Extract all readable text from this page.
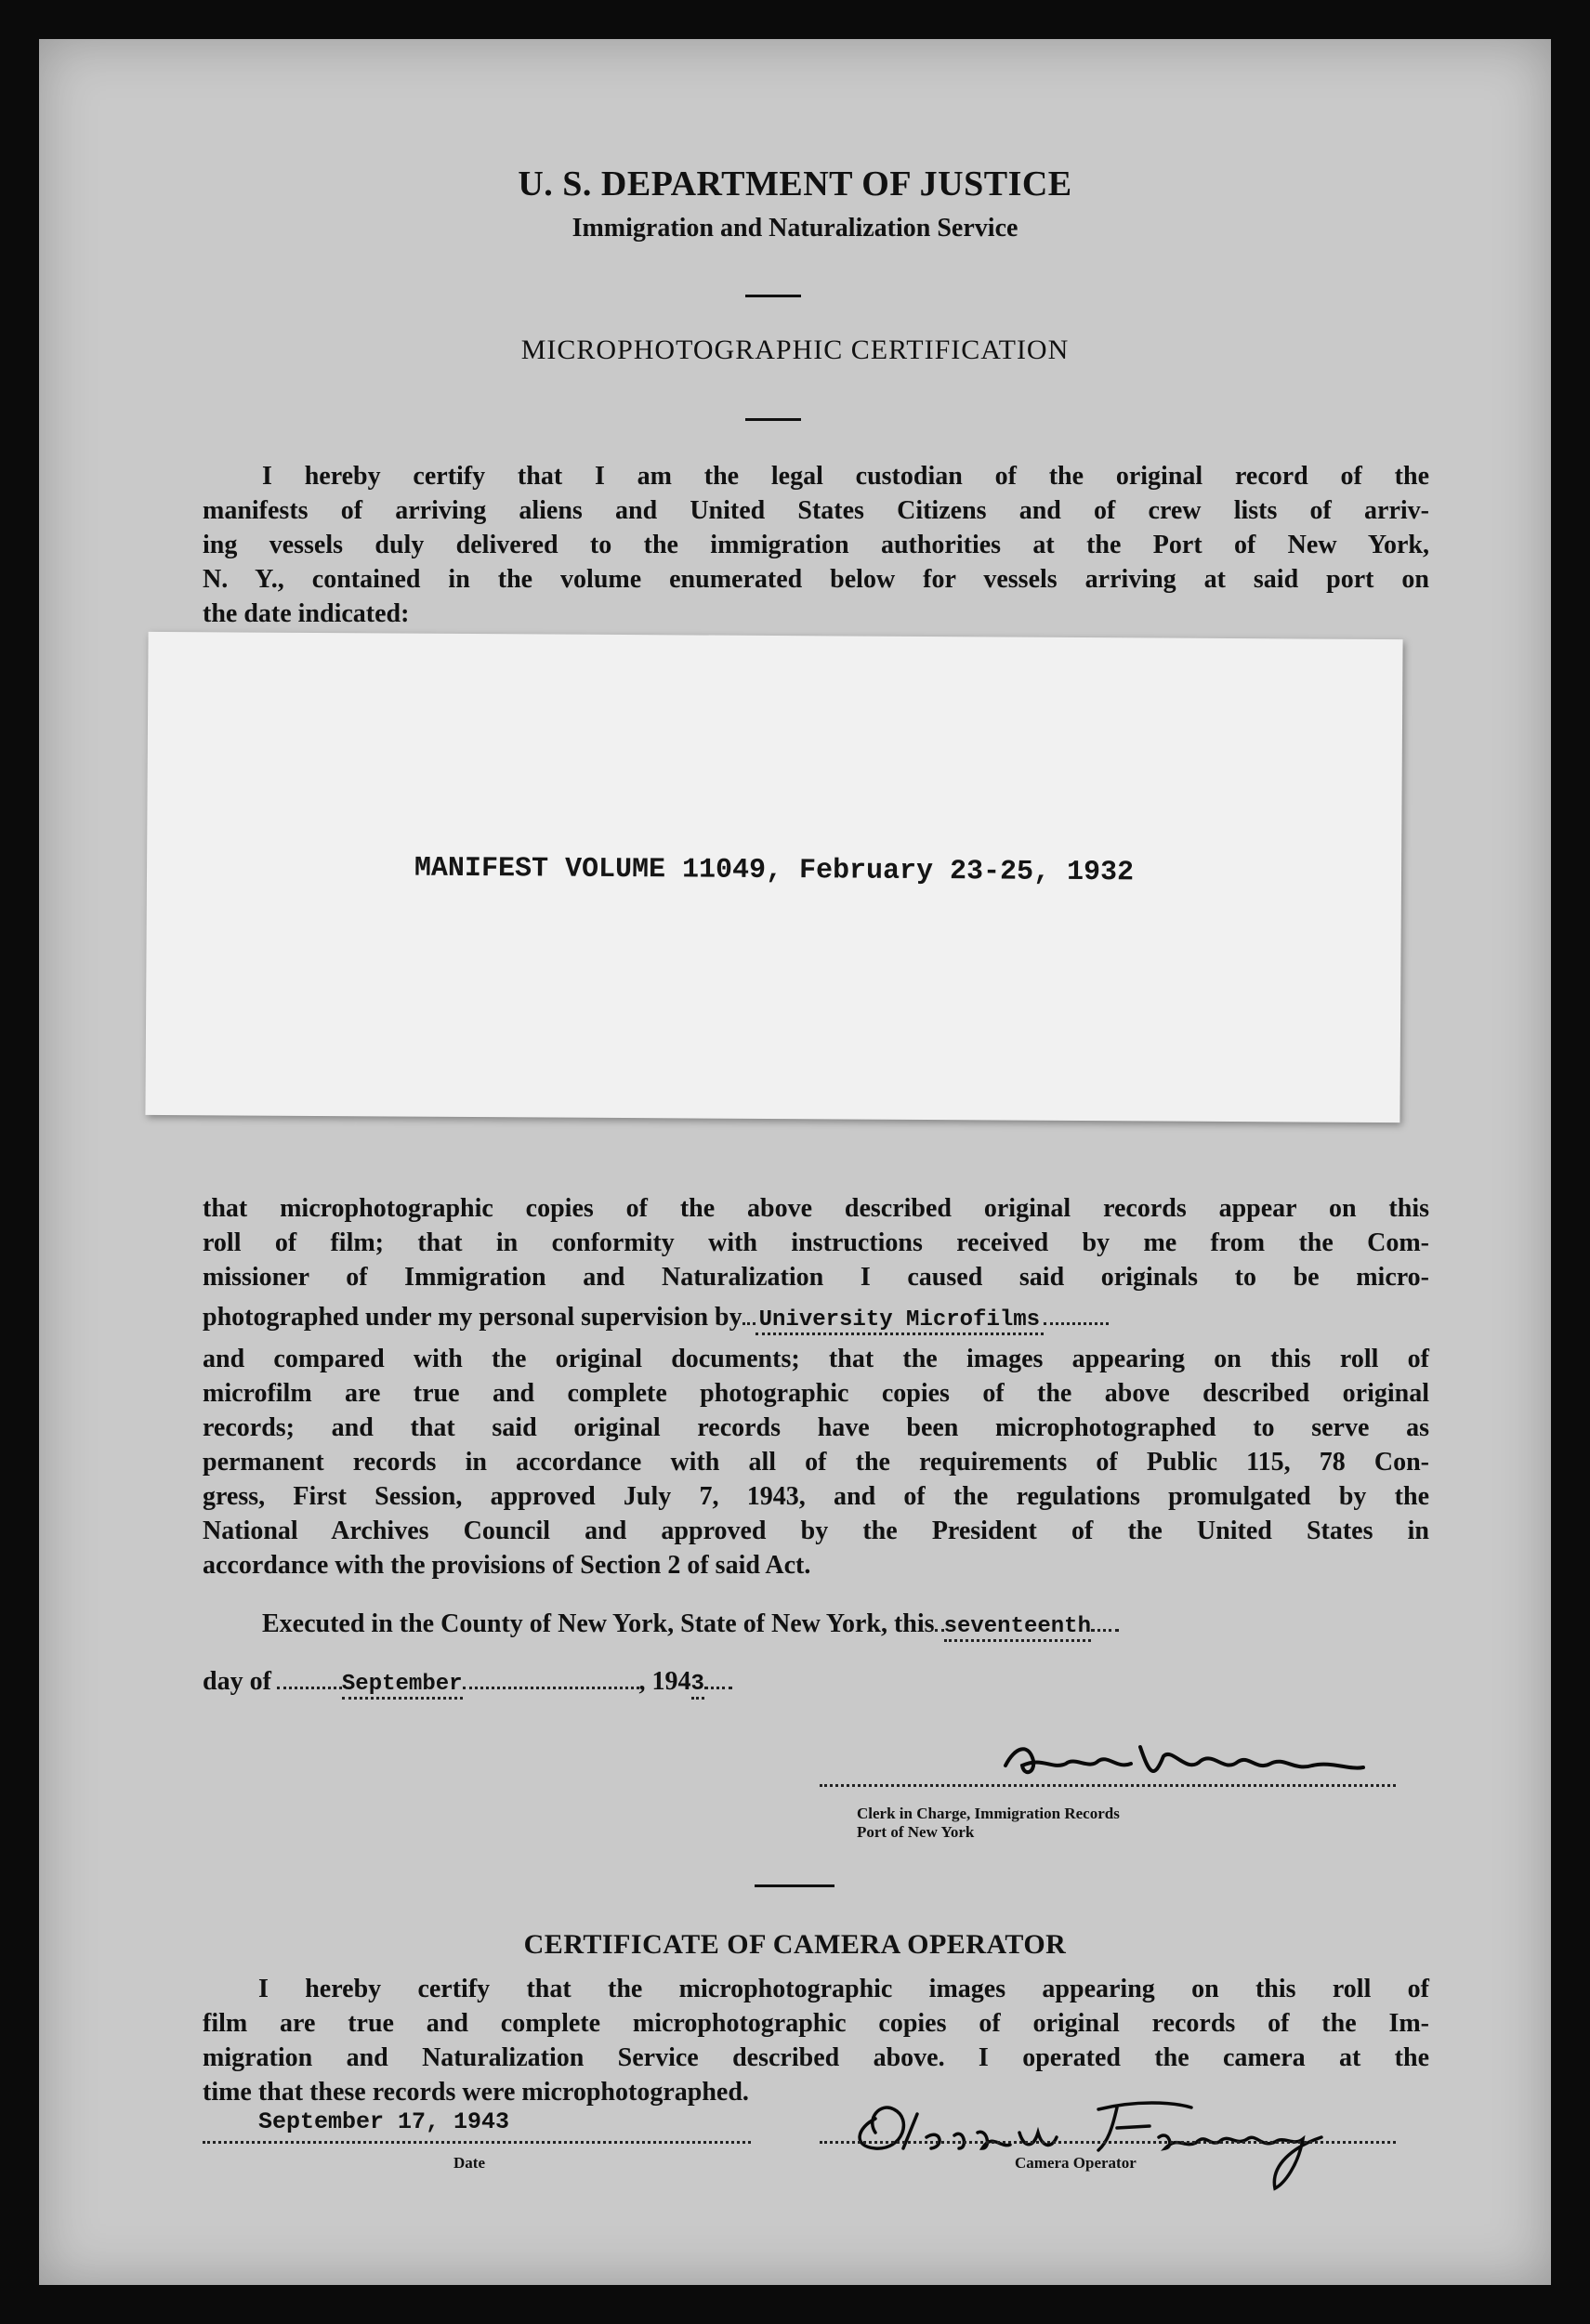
U. S. DEPARTMENT OF JUSTICE
Immigration and Naturalization Service
MICROPHOTOGRAPHIC CERTIFICATION
I hereby certify that I am the legal custodian of the original record of the
manifests of arriving aliens and United States Citizens and of crew lists of arriv-
ing vessels duly delivered to the immigration authorities at the Port of New York,
N. Y., contained in the volume enumerated below for vessels arriving at said port on
the date indicated:
MANIFEST VOLUME 11049, February 23-25, 1932
that microphotographic copies of the above described original records appear on this
roll of film; that in conformity with instructions received by me from the Com-
missioner of Immigration and Naturalization I caused said originals to be micro-
photographed under my personal supervision by University Microfilms
and compared with the original documents; that the images appearing on this roll of
microfilm are true and complete photographic copies of the above described original
records; and that said original records have been microphotographed to serve as
permanent records in accordance with all of the requirements of Public 115, 78 Con-
gress, First Session, approved July 7, 1943, and of the regulations promulgated by the
National Archives Council and approved by the President of the United States in
accordance with the provisions of Section 2 of said Act.
Executed in the County of New York, State of New York, this seventeenth
day of	September	, 1943
Clerk in Charge, Immigration Records
Port of New York
CERTIFICATE OF CAMERA OPERATOR
I hereby certify that the microphotographic images appearing on this roll of
film are true and complete microphotographic copies of original records of the Im-
migration and Naturalization Service described above. I operated the camera at the
time that these records were microphotographed.
September 17, 1943
Date	Camera Operator
